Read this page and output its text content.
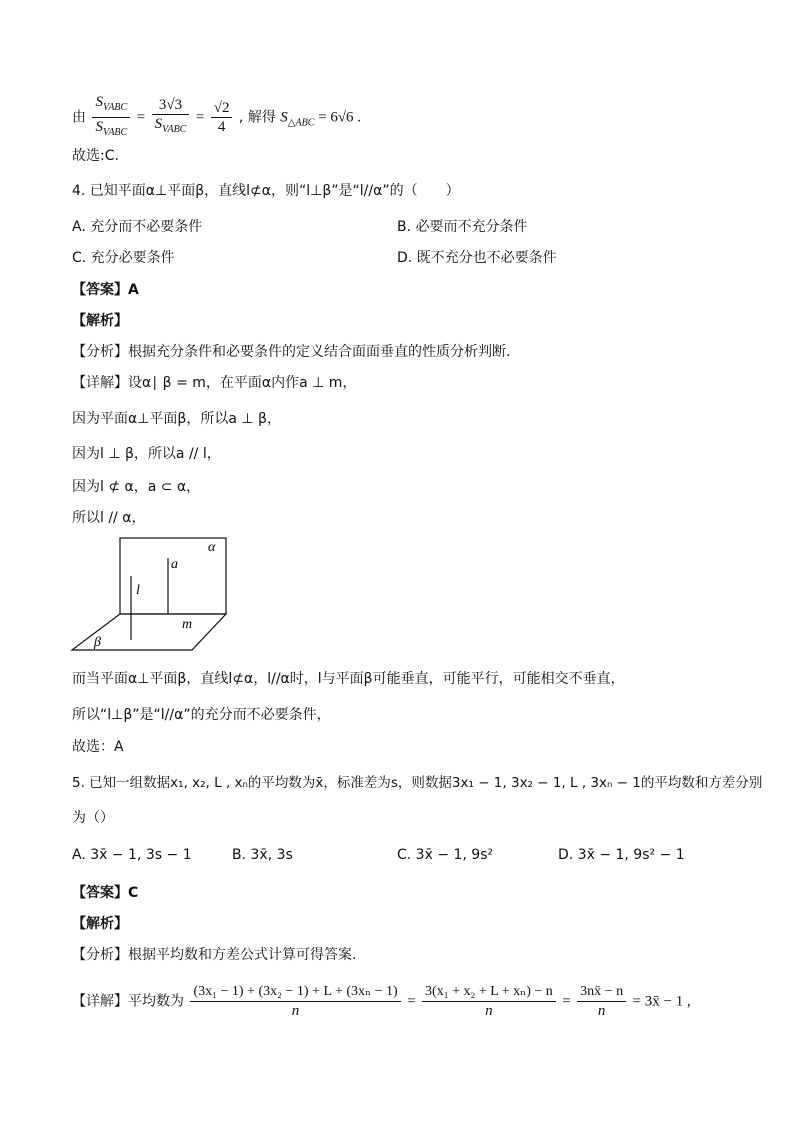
由 $\frac{S_{VABC}}{S_{VABC}} = \frac{3√3}{S_{VABC}} = \frac{√2}{4}$ , 解得 $S_{\triangle ABC} = 6√6$ .
故选:C.
4. 已知平面α⊥平面β，直线l⊄α，则“l⊥β”是“l//α”的（　　）
A. 充分而不必要条件	B. 必要而不充分条件
C. 充分必要条件	D. 既不充分也不必要条件
【答案】A
【解析】
【分析】根据充分条件和必要条件的定义结合面面垂直的性质分析判断.
【详解】设α∣ β = m，在平面α内作a ⊥ m，
因为平面α⊥平面β，所以a ⊥ β，
因为l ⊥ β，所以a // l，
因为l ⊄ α，a ⊂ α，
所以l // α，
α
a
l
m
β
而当平面α⊥平面β，直线l⊄α，l//α时，l与平面β可能垂直，可能平行，可能相交不垂直，
所以“l⊥β”是“l//α”的充分而不必要条件，
故选：A
5. 已知一组数据x₁, x₂, L , xₙ的平均数为x̄，标准差为s，则数据3x₁ − 1, 3x₂ − 1, L , 3xₙ − 1的平均数和方差分别
为（）
A. 3x̄ − 1, 3s − 1	B. 3x̄, 3s	C. 3x̄ − 1, 9s²	D. 3x̄ − 1, 9s² − 1
【答案】C
【解析】
【分析】根据平均数和方差公式计算可得答案.
【详解】平均数为 $\frac{\text{(3x₁ − 1) + (3x₂ − 1) + L + (3xₙ − 1)}}{n} = \frac{\text{3(x₁ + x₂ + L + xₙ) − n}}{n} = \frac{3nx̄ - n}{n}$ = 3x̄ − 1 ,
